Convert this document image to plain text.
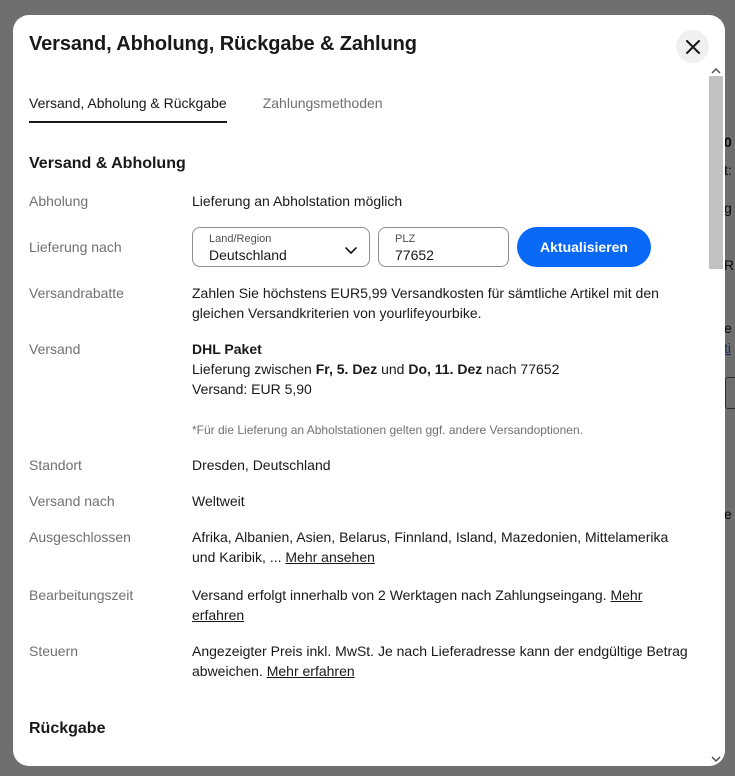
Versand, Abholung, Rückgabe & Zahlung
Versand, Abholung & Rückgabe	Zahlungsmethoden
Versand & Abholung
Abholung	Lieferung an Abholstation möglich
Lieferung nach	Land/Region
Deutschland
PLZ
77652	Aktualisieren
Versandrabatte	Zahlen Sie höchstens EUR5,99 Versandkosten für sämtliche Artikel mit den gleichen Versandkriterien von yourlifeyourbike.
Versand	DHL Paket
Lieferung zwischen Fr, 5. Dez und Do, 11. Dez nach 77652
Versand: EUR 5,90
*Für die Lieferung an Abholstationen gelten ggf. andere Versandoptionen.
Standort	Dresden, Deutschland
Versand nach	Weltweit
Ausgeschlossen	Afrika, Albanien, Asien, Belarus, Finnland, Island, Mazedonien, Mittelamerika und Karibik, ... Mehr ansehen
Bearbeitungszeit	Versand erfolgt innerhalb von 2 Werktagen nach Zahlungseingang. Mehr erfahren
Steuern	Angezeigter Preis inkl. MwSt. Je nach Lieferadresse kann der endgültige Betrag abweichen. Mehr erfahren
Rückgabe
